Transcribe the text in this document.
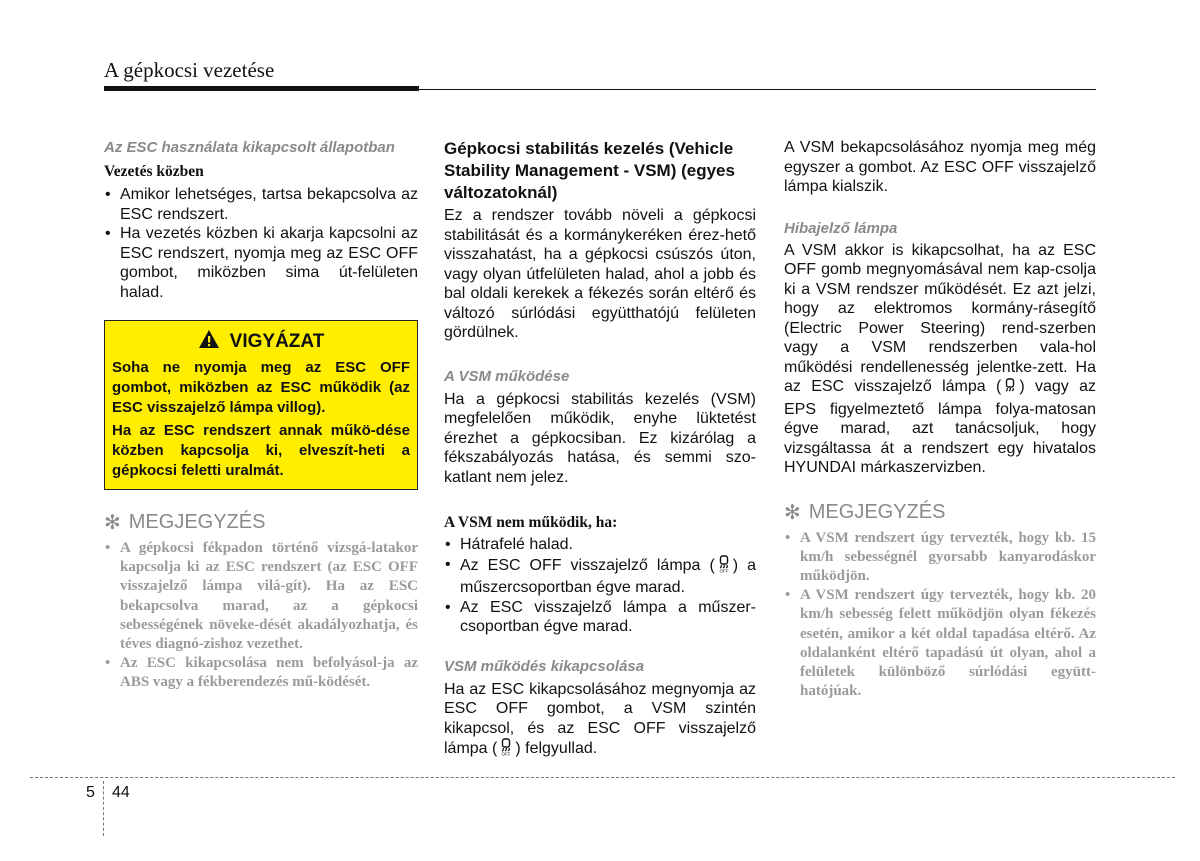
A gépkocsi vezetése

Az ESC használata kikapcsolt állapotban

Vezetés közben

• Amikor lehetséges, tartsa bekapcsolva az ESC rendszert.
• Ha vezetés közben ki akarja kapcsolni az ESC rendszert, nyomja meg az ESC OFF gombot, miközben sima út-felületen halad.
VIGYÁZAT

Soha ne nyomja meg az ESC OFF gombot, miközben az ESC működik (az ESC visszajelző lámpa villog).

Ha az ESC rendszert annak műkö-dése közben kapcsolja ki, elveszít-heti a gépkocsi feletti uralmát.

✻ MEGJEGYZÉS

• A gépkocsi fékpadon történő vizsgá-latakor kapcsolja ki az ESC rendszert (az ESC OFF visszajelző lámpa vilá-gít). Ha az ESC bekapcsolva marad, az a gépkocsi sebességének növeke-dését akadályozhatja, és téves diagnó-zishoz vezethet.
• Az ESC kikapcsolása nem befolyásol-ja az ABS vagy a fékberendezés mű-ködését.

Gépkocsi stabilitás kezelés (Vehicle Stability Management - VSM) (egyes változatoknál)

Ez a rendszer tovább növeli a gépkocsi stabilitását és a kormánykeréken érez-hető visszahatást, ha a gépkocsi csúszós úton, vagy olyan útfelületen halad, ahol a jobb és bal oldali kerekek a fékezés során eltérő és változó súrlódási együtthatójú felületen gördülnek.

A VSM működése

Ha a gépkocsi stabilitás kezelés (VSM) megfelelően működik, enyhe lüktetést érezhet a gépkocsiban. Ez kizárólag a fékszabályozás hatása, és semmi szo-katlant nem jelez.

A VSM nem működik, ha:

• Hátrafelé halad.
• Az ESC OFF visszajelző lámpa ( OFF ) a műszercsoportban égve marad.
• Az ESC visszajelző lámpa a műszer-csoportban égve marad.

VSM működés kikapcsolása

Ha az ESC kikapcsolásához megnyomja az ESC OFF gombot, a VSM szintén kikapcsol, és az ESC OFF visszajelző lámpa ( OFF ) felgyullad.

A VSM bekapcsolásához nyomja meg még egyszer a gombot. Az ESC OFF visszajelző lámpa kialszik.

Hibajelző lámpa

A VSM akkor is kikapcsolhat, ha az ESC OFF gomb megnyomásával nem kap-csolja ki a VSM rendszer működését. Ez azt jelzi, hogy az elektromos kormány-rásegítő (Electric Power Steering) rend-szerben vagy a VSM rendszerben vala-hol működési rendellenesség jelentke-zett. Ha az ESC visszajelző lámpa ( ) vagy az EPS figyelmeztető lámpa folya-matosan égve marad, azt tanácsoljuk, hogy vizsgáltassa át a rendszert egy hivatalos HYUNDAI márkaszervizben.

✻ MEGJEGYZÉS

• A VSM rendszert úgy tervezték, hogy kb. 15 km/h sebességnél gyorsabb kanyarodáskor működjön.
• A VSM rendszert úgy tervezték, hogy kb. 20 km/h sebesség felett működjön olyan fékezés esetén, amikor a két oldal tapadása eltérő. Az oldalanként eltérő tapadású út olyan, ahol a felületek különböző súrlódási együtt-hatójúak.
5 44
